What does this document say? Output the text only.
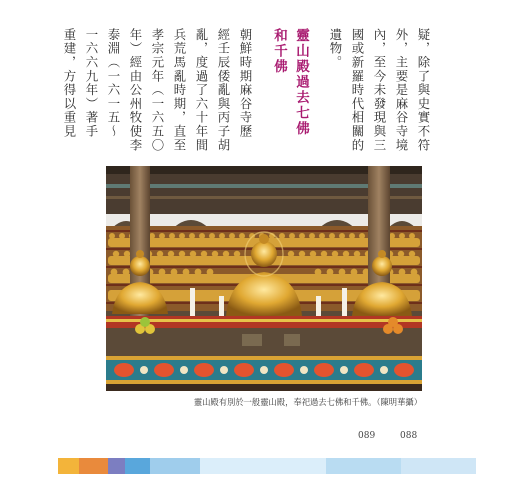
疑，除了與史實不符

外，主要是麻谷寺境

內，至今未發現與三

國或新羅時代相關的

遺物。

靈山殿過去七佛

和千佛

朝鮮時期麻谷寺歷

經壬辰倭亂與丙子胡

亂，度過了六十年間

兵荒馬亂時期，直至

孝宗元年（一六五〇

年）經由公州牧使李

泰淵（一六一五～

一六六九年）著手

重建，方得以重見

靈山殿有別於一般靈山殿，奉祀過去七佛和千佛。（陳明華攝）
089	088
